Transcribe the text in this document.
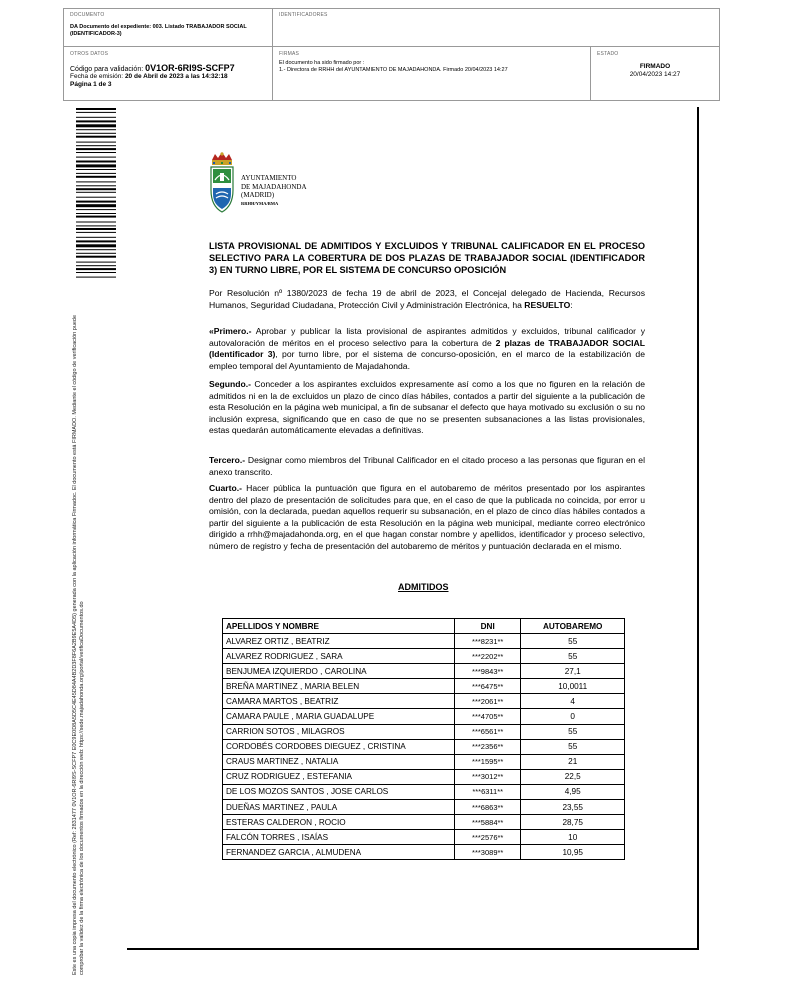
DOCUMENTO
DA Documento del expediente: 003. Listado TRABAJADOR SOCIAL (IDENTIFICADOR-3)
IDENTIFICADORES
OTROS DATOS
Código para validación: 0V1OR-6RI9S-SCFP7
Fecha de emisión: 20 de Abril de 2023 a las 14:32:18
Página 1 de 3
FIRMAS
El documento ha sido firmado por :
1.- Directora de RRHH del AYUNTAMIENTO DE MAJADAHONDA. Firmado 20/04/2023 14:27
ESTADO
FIRMADO
20/04/2023 14:27
Este es una copia impresa del documento electrónico (Ref: 2831477 0V1OR-6RI9S-SCFP7 E0C9E0D8A5D5C4E45D84A4B2D3F8F6A2B9E5A4D5) generada con la aplicación informática Firmadoc. El documento está FIRMADO. Mediante el código de verificación puede comprobar la validez de la firma electrónica de los documentos firmados en la dirección web: https://sede.majadahonda.org/portal/verificaDocumentos.do
AYUNTAMIENTO
DE MAJADAHONDA
(MADRID)
RRHH/YMA/BMA
LISTA PROVISIONAL DE ADMITIDOS Y EXCLUIDOS Y TRIBUNAL CALIFICADOR EN EL PROCESO SELECTIVO PARA LA COBERTURA DE DOS PLAZAS DE TRABAJADOR SOCIAL (IDENTIFICADOR 3) EN TURNO LIBRE, POR EL SISTEMA DE CONCURSO OPOSICIÓN
Por Resolución nº 1380/2023 de fecha 19 de abril de 2023, el Concejal delegado de Hacienda, Recursos Humanos, Seguridad Ciudadana, Protección Civil y Administración Electrónica, ha RESUELTO:
«Primero.- Aprobar y publicar la lista provisional de aspirantes admitidos y excluidos, tribunal calificador y autovaloración de méritos en el proceso selectivo para la cobertura de 2 plazas de TRABAJADOR SOCIAL (Identificador 3), por turno libre, por el sistema de concurso-oposición, en el marco de la estabilización de empleo temporal del Ayuntamiento de Majadahonda.
Segundo.- Conceder a los aspirantes excluidos expresamente así como a los que no figuren en la relación de admitidos ni en la de excluidos un plazo de cinco días hábiles, contados a partir del siguiente a la publicación de esta Resolución en la página web municipal, a fin de subsanar el defecto que haya motivado su exclusión o su no inclusión expresa, significando que en caso de que no se presenten subsanaciones a las listas provisionales, estas quedarán automáticamente elevadas a definitivas.
Tercero.- Designar como miembros del Tribunal Calificador en el citado proceso a las personas que figuran en el anexo transcrito.
Cuarto.- Hacer pública la puntuación que figura en el autobaremo de méritos presentado por los aspirantes dentro del plazo de presentación de solicitudes para que, en el caso de que la publicada no coincida, por error u omisión, con la declarada, puedan aquellos requerir su subsanación, en el plazo de cinco días hábiles contados a partir del siguiente a la publicación de esta Resolución en la página web municipal, mediante correo electrónico dirigido a rrhh@majadahonda.org, en el que hagan constar nombre y apellidos, identificador y proceso selectivo, número de registro y fecha de presentación del autobaremo de méritos y puntuación declarada en el mismo.
ADMITIDOS
APELLIDOS Y NOMBRE	DNI	AUTOBAREMO
ALVAREZ ORTIZ , BEATRIZ	***8231**	55
ALVAREZ RODRIGUEZ , SARA	***2202**	55
BENJUMEA IZQUIERDO , CAROLINA	***9843**	27,1
BREÑA MARTINEZ , MARIA BELEN	***6475**	10,0011
CAMARA MARTOS , BEATRIZ	***2061**	4
CAMARA PAULE , MARIA GUADALUPE	***4705**	0
CARRION SOTOS , MILAGROS	***6561**	55
CORDOBÉS CORDOBES DIEGUEZ , CRISTINA	***2356**	55
CRAUS MARTINEZ , NATALIA	***1595**	21
CRUZ RODRIGUEZ , ESTEFANIA	***3012**	22,5
DE LOS MOZOS SANTOS , JOSE CARLOS	***6311**	4,95
DUEÑAS MARTINEZ , PAULA	***6863**	23,55
ESTERAS CALDERON , ROCIO	***5884**	28,75
FALCÓN TORRES , ISAÍAS	***2576**	10
FERNANDEZ GARCIA , ALMUDENA	***3089**	10,95
